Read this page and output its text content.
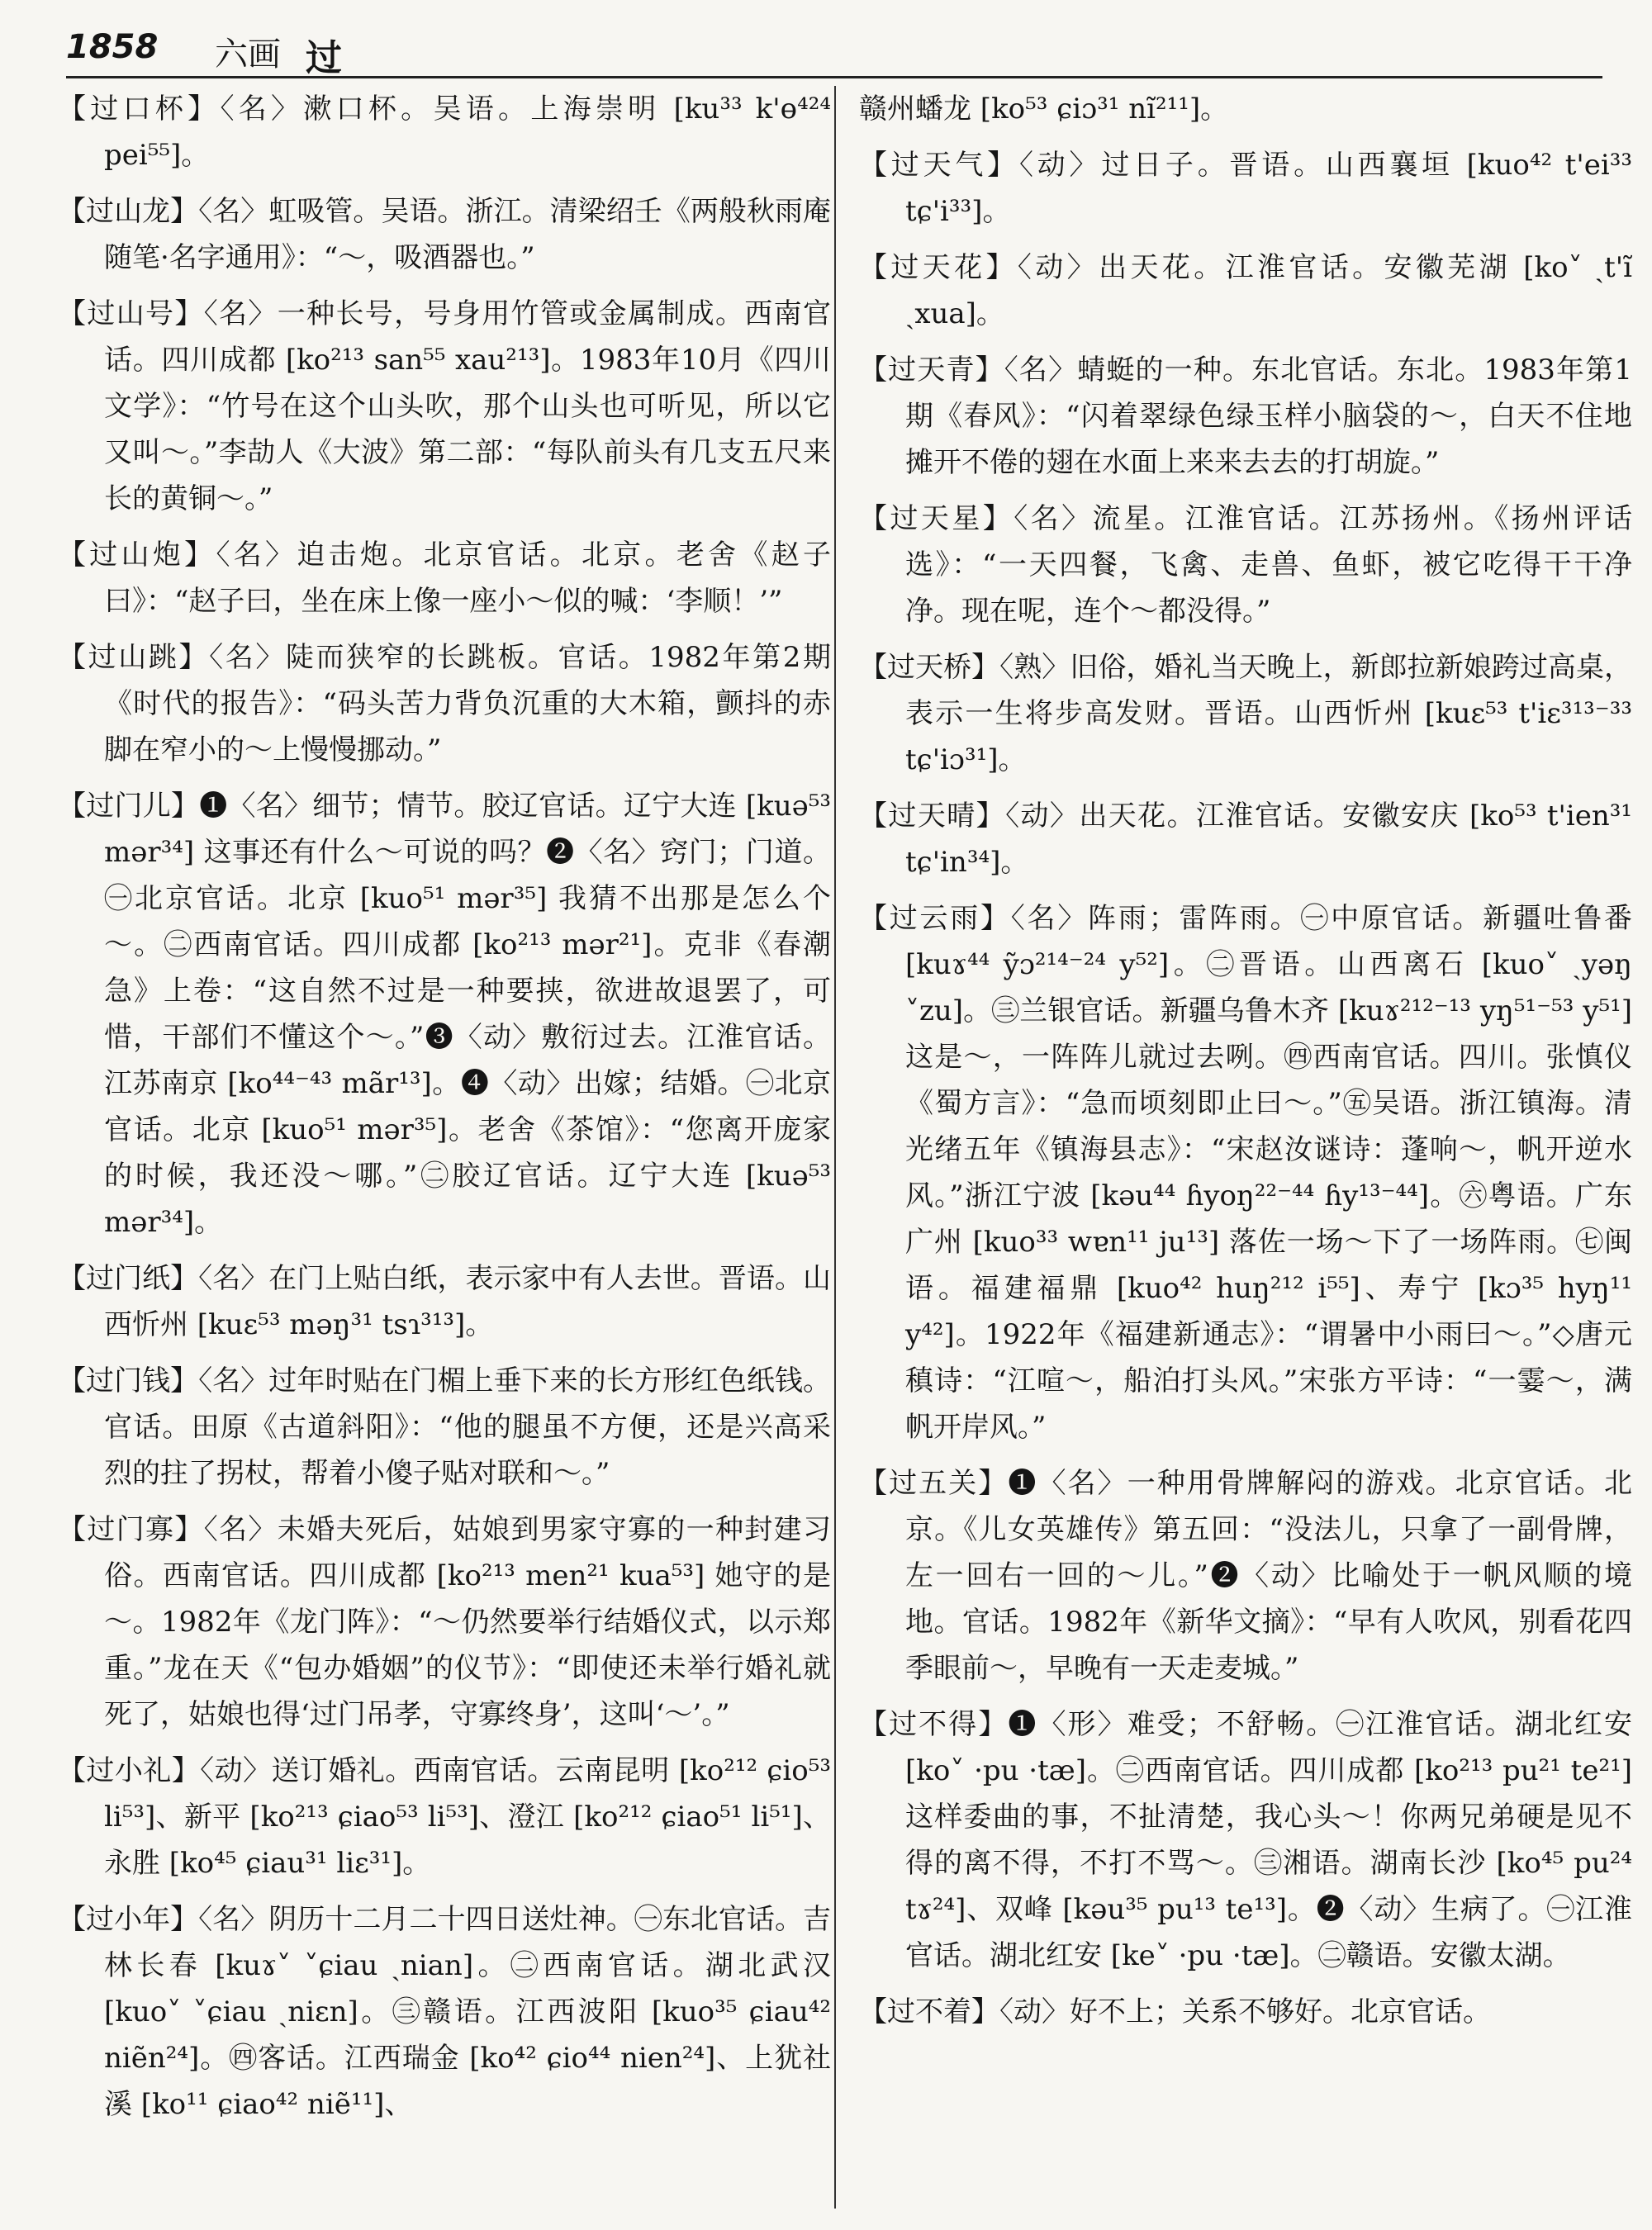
1858 六画 过

【过口杯】〈名〉漱口杯。吴语。上海崇明 [ku³³ k'ɵ⁴²⁴ pei⁵⁵]。

【过山龙】〈名〉虹吸管。吴语。浙江。清梁绍壬《两般秋雨庵随笔·名字通用》：“～，吸酒器也。”

【过山号】〈名〉一种长号，号身用竹管或金属制成。西南官话。四川成都 [ko²¹³ san⁵⁵ xau²¹³]。1983年10月《四川文学》：“竹号在这个山头吹，那个山头也可听见，所以它又叫～。”李劼人《大波》第二部：“每队前头有几支五尺来长的黄铜～。”

【过山炮】〈名〉迫击炮。北京官话。北京。老舍《赵子曰》：“赵子曰，坐在床上像一座小～似的喊：‘李顺！’”

【过山跳】〈名〉陡而狭窄的长跳板。官话。1982年第2期《时代的报告》：“码头苦力背负沉重的大木箱，颤抖的赤脚在窄小的～上慢慢挪动。”

【过门儿】❶〈名〉细节；情节。胶辽官话。辽宁大连 [kuə⁵³ mər³⁴] 这事还有什么～可说的吗？❷〈名〉窍门；门道。㊀北京官话。北京 [kuo⁵¹ mər³⁵] 我猜不出那是怎么个～。㊁西南官话。四川成都 [ko²¹³ mər²¹]。克非《春潮急》上卷：“这自然不过是一种要挟，欲进故退罢了，可惜，干部们不懂这个～。”❸〈动〉敷衍过去。江淮官话。江苏南京 [ko⁴⁴⁻⁴³ mãr¹³]。❹〈动〉出嫁；结婚。㊀北京官话。北京 [kuo⁵¹ mər³⁵]。老舍《茶馆》：“您离开庞家的时候，我还没～哪。”㊁胶辽官话。辽宁大连 [kuə⁵³ mər³⁴]。

【过门纸】〈名〉在门上贴白纸，表示家中有人去世。晋语。山西忻州 [kuɛ⁵³ məŋ³¹ tsɿ³¹³]。

【过门钱】〈名〉过年时贴在门楣上垂下来的长方形红色纸钱。官话。田原《古道斜阳》：“他的腿虽不方便，还是兴高采烈的拄了拐杖，帮着小傻子贴对联和～。”

【过门寡】〈名〉未婚夫死后，姑娘到男家守寡的一种封建习俗。西南官话。四川成都 [ko²¹³ men²¹ kua⁵³] 她守的是～。1982年《龙门阵》：“～仍然要举行结婚仪式，以示郑重。”龙在天《“包办婚姻”的仪节》：“即使还未举行婚礼就死了，姑娘也得‘过门吊孝，守寡终身’，这叫‘～’。”

【过小礼】〈动〉送订婚礼。西南官话。云南昆明 [ko²¹² ɕio⁵³ li⁵³]、新平 [ko²¹³ ɕiao⁵³ li⁵³]、澄江 [ko²¹² ɕiao⁵¹ li⁵¹]、永胜 [ko⁴⁵ ɕiau³¹ liɛ³¹]。

【过小年】〈名〉阴历十二月二十四日送灶神。㊀东北官话。吉林长春 [kuɤ˅ ˅ɕiau ˎnian]。㊁西南官话。湖北武汉 [kuo˅ ˅ɕiau ˎniɛn]。㊂赣语。江西波阳 [kuo³⁵ ɕiau⁴² niẽn²⁴]。㊃客话。江西瑞金 [ko⁴² ɕio⁴⁴ nien²⁴]、上犹社溪 [ko¹¹ ɕiao⁴² niẽ¹¹]、

赣州蟠龙 [ko⁵³ ɕiɔ³¹ nĩ²¹¹]。

【过天气】〈动〉过日子。晋语。山西襄垣 [kuo⁴² t'ei³³ tɕ'i³³]。

【过天花】〈动〉出天花。江淮官话。安徽芜湖 [ko˅ ˎt'ĩ ˎxua]。

【过天青】〈名〉蜻蜓的一种。东北官话。东北。1983年第1期《春风》：“闪着翠绿色绿玉样小脑袋的～，白天不住地摊开不倦的翅在水面上来来去去的打胡旋。”

【过天星】〈名〉流星。江淮官话。江苏扬州。《扬州评话选》：“一天四餐，飞禽、走兽、鱼虾，被它吃得干干净净。现在呢，连个～都没得。”

【过天桥】〈熟〉旧俗，婚礼当天晚上，新郎拉新娘跨过高桌，表示一生将步高发财。晋语。山西忻州 [kuɛ⁵³ t'iɛ³¹³⁻³³ tɕ'iɔ³¹]。

【过天晴】〈动〉出天花。江淮官话。安徽安庆 [ko⁵³ t'ien³¹ tɕ'in³⁴]。

【过云雨】〈名〉阵雨；雷阵雨。㊀中原官话。新疆吐鲁番 [kuɤ⁴⁴ ỹɔ²¹⁴⁻²⁴ y⁵²]。㊁晋语。山西离石 [kuo˅ ˎyəŋ ˅zu]。㊂兰银官话。新疆乌鲁木齐 [kuɤ²¹²⁻¹³ yŋ⁵¹⁻⁵³ y⁵¹] 这是～，一阵阵儿就过去咧。㊃西南官话。四川。张慎仪《蜀方言》：“急而顷刻即止曰～。”㊄吴语。浙江镇海。清光绪五年《镇海县志》：“宋赵汝谜诗：蓬响～，帆开逆水风。”浙江宁波 [kəu⁴⁴ ɦyoŋ²²⁻⁴⁴ ɦy¹³⁻⁴⁴]。㊅粤语。广东广州 [kuo³³ wɐn¹¹ ju¹³] 落佐一场～下了一场阵雨。㊆闽语。福建福鼎 [kuo⁴² huŋ²¹² i⁵⁵]、寿宁 [kɔ³⁵ hyŋ¹¹ y⁴²]。1922年《福建新通志》：“谓暑中小雨曰～。”◇唐元稹诗：“江喧～，船泊打头风。”宋张方平诗：“一霎～，满帆开岸风。”

【过五关】❶〈名〉一种用骨牌解闷的游戏。北京官话。北京。《儿女英雄传》第五回：“没法儿，只拿了一副骨牌，左一回右一回的～儿。”❷〈动〉比喻处于一帆风顺的境地。官话。1982年《新华文摘》：“早有人吹风，别看花四季眼前～，早晚有一天走麦城。”

【过不得】❶〈形〉难受；不舒畅。㊀江淮官话。湖北红安 [ko˅ ·pu ·tæ]。㊁西南官话。四川成都 [ko²¹³ pu²¹ te²¹] 这样委曲的事，不扯清楚，我心头～！你两兄弟硬是见不得的离不得，不打不骂～。㊂湘语。湖南长沙 [ko⁴⁵ pu²⁴ tɤ²⁴]、双峰 [kəu³⁵ pu¹³ te¹³]。❷〈动〉生病了。㊀江淮官话。湖北红安 [ke˅ ·pu ·tæ]。㊁赣语。安徽太湖。

【过不着】〈动〉好不上；关系不够好。北京官话。
